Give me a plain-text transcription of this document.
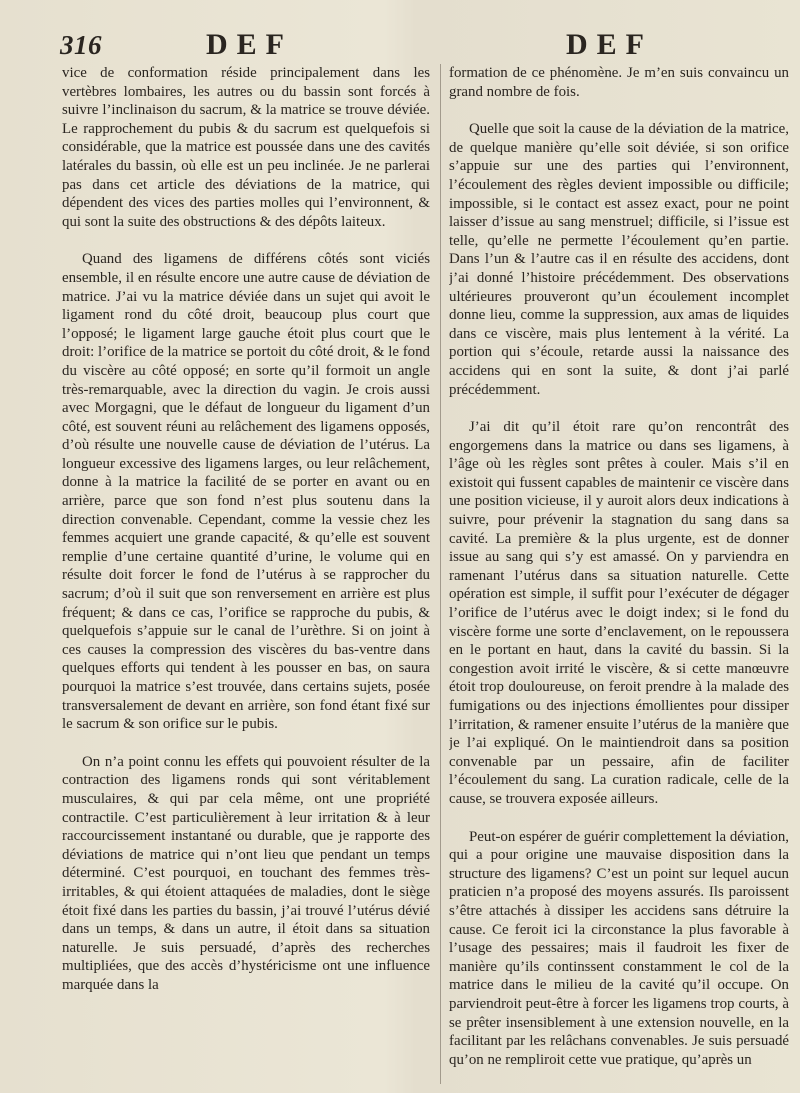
316	DEF	DEF

vice de conformation réside principalement dans les vertèbres lombaires, les autres ou du bassin sont forcés à suivre l’inclinaison du sacrum, & la matrice se trouve déviée. Le rapprochement du pubis & du sacrum est quelquefois si considérable, que la matrice est poussée dans une des cavités latérales du bassin, où elle est un peu inclinée. Je ne parlerai pas dans cet article des déviations de la matrice, qui dépendent des vices des parties molles qui l’environnent, & qui sont la suite des obstructions & des dépôts laiteux.

Quand des ligamens de différens côtés sont viciés ensemble, il en résulte encore une autre cause de déviation de matrice. J’ai vu la matrice déviée dans un sujet qui avoit le ligament rond du côté droit, beaucoup plus court que l’opposé; le ligament large gauche étoit plus court que le droit: l’orifice de la matrice se portoit du côté droit, & le fond du viscère au côté opposé; en sorte qu’il formoit un angle très-remarquable, avec la direction du vagin. Je crois aussi avec Morgagni, que le défaut de longueur du ligament d’un côté, est souvent réuni au relâchement des ligamens opposés, d’où résulte une nouvelle cause de déviation de l’utérus. La longueur excessive des ligamens larges, ou leur relâchement, donne à la matrice la facilité de se porter en avant ou en arrière, parce que son fond n’est plus soutenu dans la direction convenable. Cependant, comme la vessie chez les femmes acquiert une grande capacité, & qu’elle est souvent remplie d’une certaine quantité d’urine, le volume qui en résulte doit forcer le fond de l’utérus à se rapprocher du sacrum; d’où il suit que son renversement en arrière est plus fréquent; & dans ce cas, l’orifice se rapproche du pubis, & quelquefois s’appuie sur le canal de l’urèthre. Si on joint à ces causes la compression des viscères du bas-ventre dans quelques efforts qui tendent à les pousser en bas, on saura pourquoi la matrice s’est trouvée, dans certains sujets, posée transversalement de devant en arrière, son fond étant fixé sur le sacrum & son orifice sur le pubis.

On n’a point connu les effets qui pouvoient résulter de la contraction des ligamens ronds qui sont véritablement musculaires, & qui par cela même, ont une propriété contractile. C’est particulièrement à leur irritation & à leur raccourcissement instantané ou durable, que je rapporte des déviations de matrice qui n’ont lieu que pendant un temps déterminé. C’est pourquoi, en touchant des femmes très-irritables, & qui étoient attaquées de maladies, dont le siège étoit fixé dans les parties du bassin, j’ai trouvé l’utérus dévié dans un temps, & dans un autre, il étoit dans sa situation naturelle. Je suis persuadé, d’après des recherches multipliées, que des accès d’hystéricisme ont une influence marquée dans la

formation de ce phénomène. Je m’en suis convaincu un grand nombre de fois.

Quelle que soit la cause de la déviation de la matrice, de quelque manière qu’elle soit déviée, si son orifice s’appuie sur une des parties qui l’environnent, l’écoulement des règles devient impossible ou difficile; impossible, si le contact est assez exact, pour ne point laisser d’issue au sang menstruel; difficile, si l’issue est telle, qu’elle ne permette l’écoulement qu’en partie. Dans l’un & l’autre cas il en résulte des accidens, dont j’ai donné l’histoire précédemment. Des observations ultérieures prouveront qu’un écoulement incomplet donne lieu, comme la suppression, aux amas de liquides dans ce viscère, mais plus lentement à la vérité. La portion qui s’écoule, retarde aussi la naissance des accidens qui en sont la suite, & dont j’ai parlé précédemment.

J’ai dit qu’il étoit rare qu’on rencontrât des engorgemens dans la matrice ou dans ses ligamens, à l’âge où les règles sont prêtes à couler. Mais s’il en existoit qui fussent capables de maintenir ce viscère dans une position vicieuse, il y auroit alors deux indications à suivre, pour prévenir la stagnation du sang dans sa cavité. La première & la plus urgente, est de donner issue au sang qui s’y est amassé. On y parviendra en ramenant l’utérus dans sa situation naturelle. Cette opération est simple, il suffit pour l’exécuter de dégager l’orifice de l’utérus avec le doigt index; si le fond du viscère forme une sorte d’enclavement, on le repoussera en le portant en haut, dans la cavité du bassin. Si la congestion avoit irrité le viscère, & si cette manœuvre étoit trop douloureuse, on feroit prendre à la malade des fumigations ou des injections émollientes pour dissiper l’irritation, & ramener ensuite l’utérus de la manière que je l’ai expliqué. On le maintiendroit dans sa position convenable par un pessaire, afin de faciliter l’écoulement du sang. La curation radicale, celle de la cause, se trouvera exposée ailleurs.

Peut-on espérer de guérir complettement la déviation, qui a pour origine une mauvaise disposition dans la structure des ligamens? C’est un point sur lequel aucun praticien n’a proposé des moyens assurés. Ils paroissent s’être attachés à dissiper les accidens sans détruire la cause. Ce feroit ici la circonstance la plus favorable à l’usage des pessaires; mais il faudroit les fixer de manière qu’ils continssent constamment le col de la matrice dans le milieu de la cavité qu’il occupe. On parviendroit peut-être à forcer les ligamens trop courts, à se prêter insensiblement à une extension nouvelle, en la facilitant par les relâchans convenables. Je suis persuadé qu’on ne rempliroit cette vue pratique, qu’après un
